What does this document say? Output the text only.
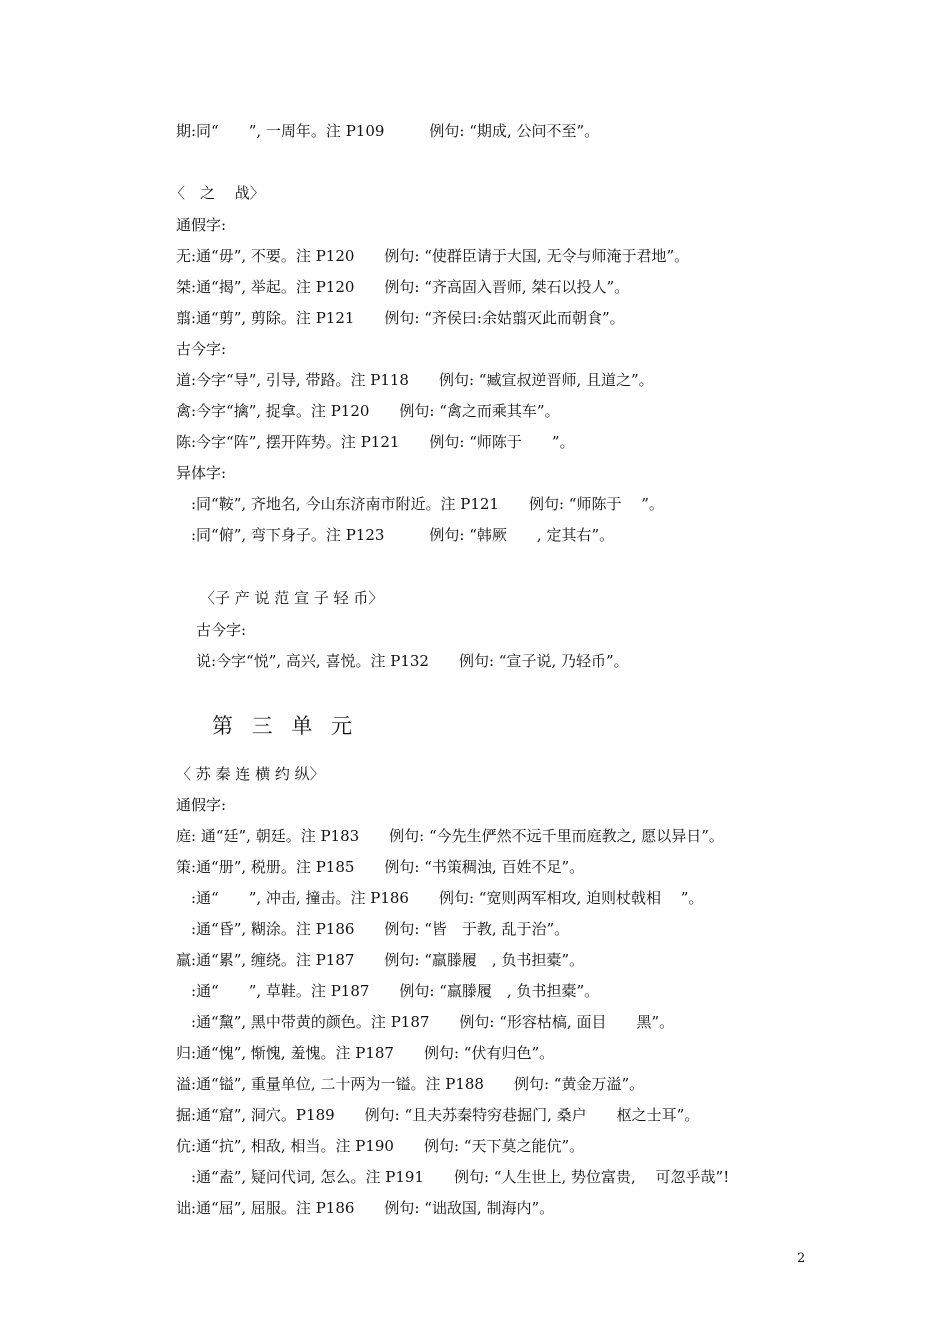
期:同“　　”, 一周年。注 P109　　　例句: “期成, 公问不至”。
〈　之　 战〉
通假字:
无:通“毋”, 不要。注 P120　　例句: “使群臣请于大国, 无令与师淹于君地”。
桀:通“揭”, 举起。注 P120　　例句: “齐高固入晋师, 桀石以投人”。
翦:通“剪”, 剪除。注 P121　　例句: “齐侯曰:余姑翦灭此而朝食”。
古今字:
道:今字“导”, 引导, 带路。注 P118　　例句: “臧宣叔逆晋师, 且道之”。
禽:今字“擒”, 捉拿。注 P120　　例句: “禽之而乘其车”。
陈:今字“阵”, 摆开阵势。注 P121　　例句: “师陈于　　”。
异体字:
　:同“鞍”, 齐地名, 今山东济南市附近。注 P121　　例句: “师陈于　 ”。
　:同“俯”, 弯下身子。注 P123　　　例句: “韩厥　　, 定其右”。
〈子 产 说 范 宣 子 轻 币〉
古今字:
说:今字“悦”, 高兴, 喜悦。注 P132　　例句: “宣子说, 乃轻币”。
第 三 单 元
〈 苏 秦 连 横 约 纵〉
通假字:
庭: 通“廷”, 朝廷。注 P183　　例句: “今先生俨然不远千里而庭教之, 愿以异日”。
策:通“册”, 税册。注 P185　　例句: “书策稠浊, 百姓不足”。
　:通“　　”, 冲击, 撞击。注 P186　　例句: “宽则两军相攻, 迫则杖戟相　 ”。
　:通“昏”, 糊涂。注 P186　　例句: “皆　于教, 乱于治”。
羸:通“累”, 缠绕。注 P187　　例句: “羸滕履　, 负书担橐”。
　:通“　　”, 草鞋。注 P187　　例句: “羸滕履　, 负书担橐”。
　:通“黧”, 黑中带黄的颜色。注 P187　　例句: “形容枯槁, 面目　　黑”。
归:通“愧”, 惭愧, 羞愧。注 P187　　例句: “伏有归色”。
溢:通“镒”, 重量单位, 二十两为一镒。注 P188　　例句: “黄金万溢”。
掘:通“窟”, 洞穴。P189　　例句: “且夫苏秦特穷巷掘门, 桑户　　枢之士耳”。
伉:通“抗”, 相敌, 相当。注 P190　　例句: “天下莫之能伉”。
　:通“盍”, 疑问代词, 怎么。注 P191　　例句: “人生世上, 势位富贵,　 可忽乎哉”!
诎:通“屈”, 屈服。注 P186　　例句: “诎敌国, 制海内”。
2
